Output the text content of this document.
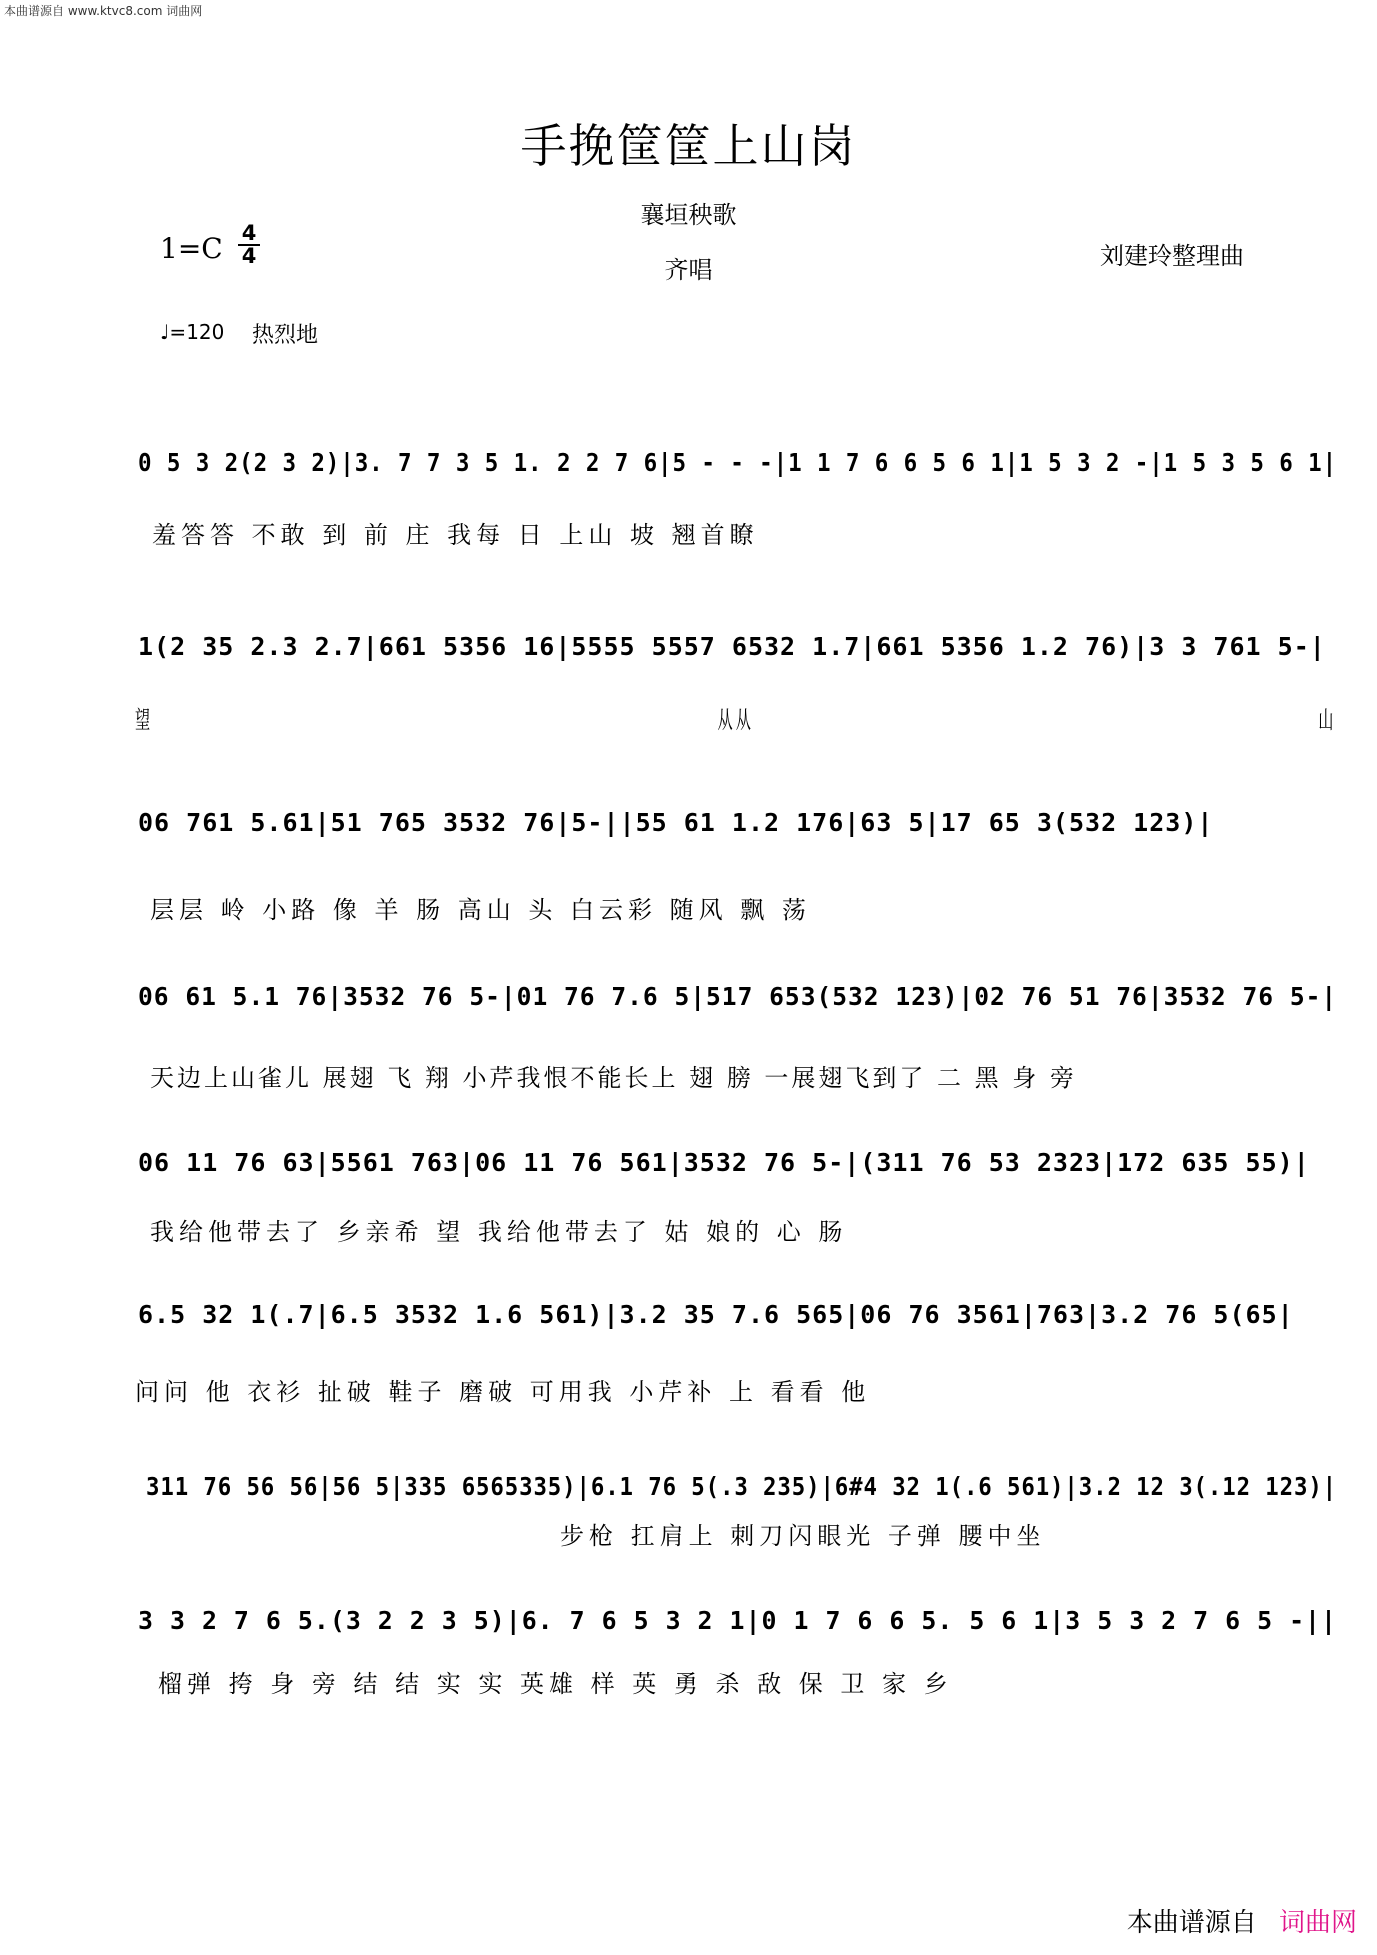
本曲谱源自 www.ktvc8.com 词曲网
手挽筐筐上山岗
襄垣秧歌
齐唱	刘建玲整理曲
1=C 4
4
♩=120 热烈地
0 5 3 2(2 3 2)|3. 7 7 3 5 1. 2 2 7 6|5 - - -|1 1 7 6 6 5 6 1|1 5 3 2 -|1 5 3 5 6 1|
羞答答 不敢 到 前 庄 我每 日 上山 坡 翘首瞭
1(2 35 2.3 2.7|661 5356 16|5555 5557 6532 1.7|661 5356 1.2 76)|3 3 761 5-|
望 从从 山
06 761 5.61|51 765 3532 76|5-||55 61 1.2 176|63 5|17 65 3(532 123)|
层层 岭 小路 像 羊 肠 高山 头 白云彩 随风 飘 荡
06 61 5.1 76|3532 76 5-|01 76 7.6 5|517 653(532 123)|02 76 51 76|3532 76 5-|
天边上山雀儿 展翅 飞 翔 小芹我恨不能长上 翅 膀 一展翅飞到了 二 黑 身 旁
06 11 76 63|5561 763|06 11 76 561|3532 76 5-|(311 76 53 2323|172 635 55)|
我给他带去了 乡亲希 望 我给他带去了 姑 娘的 心 肠
6.5 32 1(.7|6.5 3532 1.6 561)|3.2 35 7.6 565|06 76 3561|763|3.2 76 5(65|
问问 他 衣衫 扯破 鞋子 磨破 可用我 小芹补 上 看看 他
311 76 56 56|56 5|335 6565335)|6.1 76 5(.3 235)|6#4 32 1(.6 561)|3.2 12 3(.12 123)|
步枪 扛肩上 刺刀闪眼光 子弹 腰中坐
3 3 2 7 6 5.(3 2 2 3 5)|6. 7 6 5 3 2 1|0 1 7 6 6 5. 5 6 1|3 5 3 2 7 6 5 -||
榴弹 挎 身 旁 结 结 实 实 英雄 样 英 勇 杀 敌 保 卫 家 乡
本曲谱源自 词曲网
